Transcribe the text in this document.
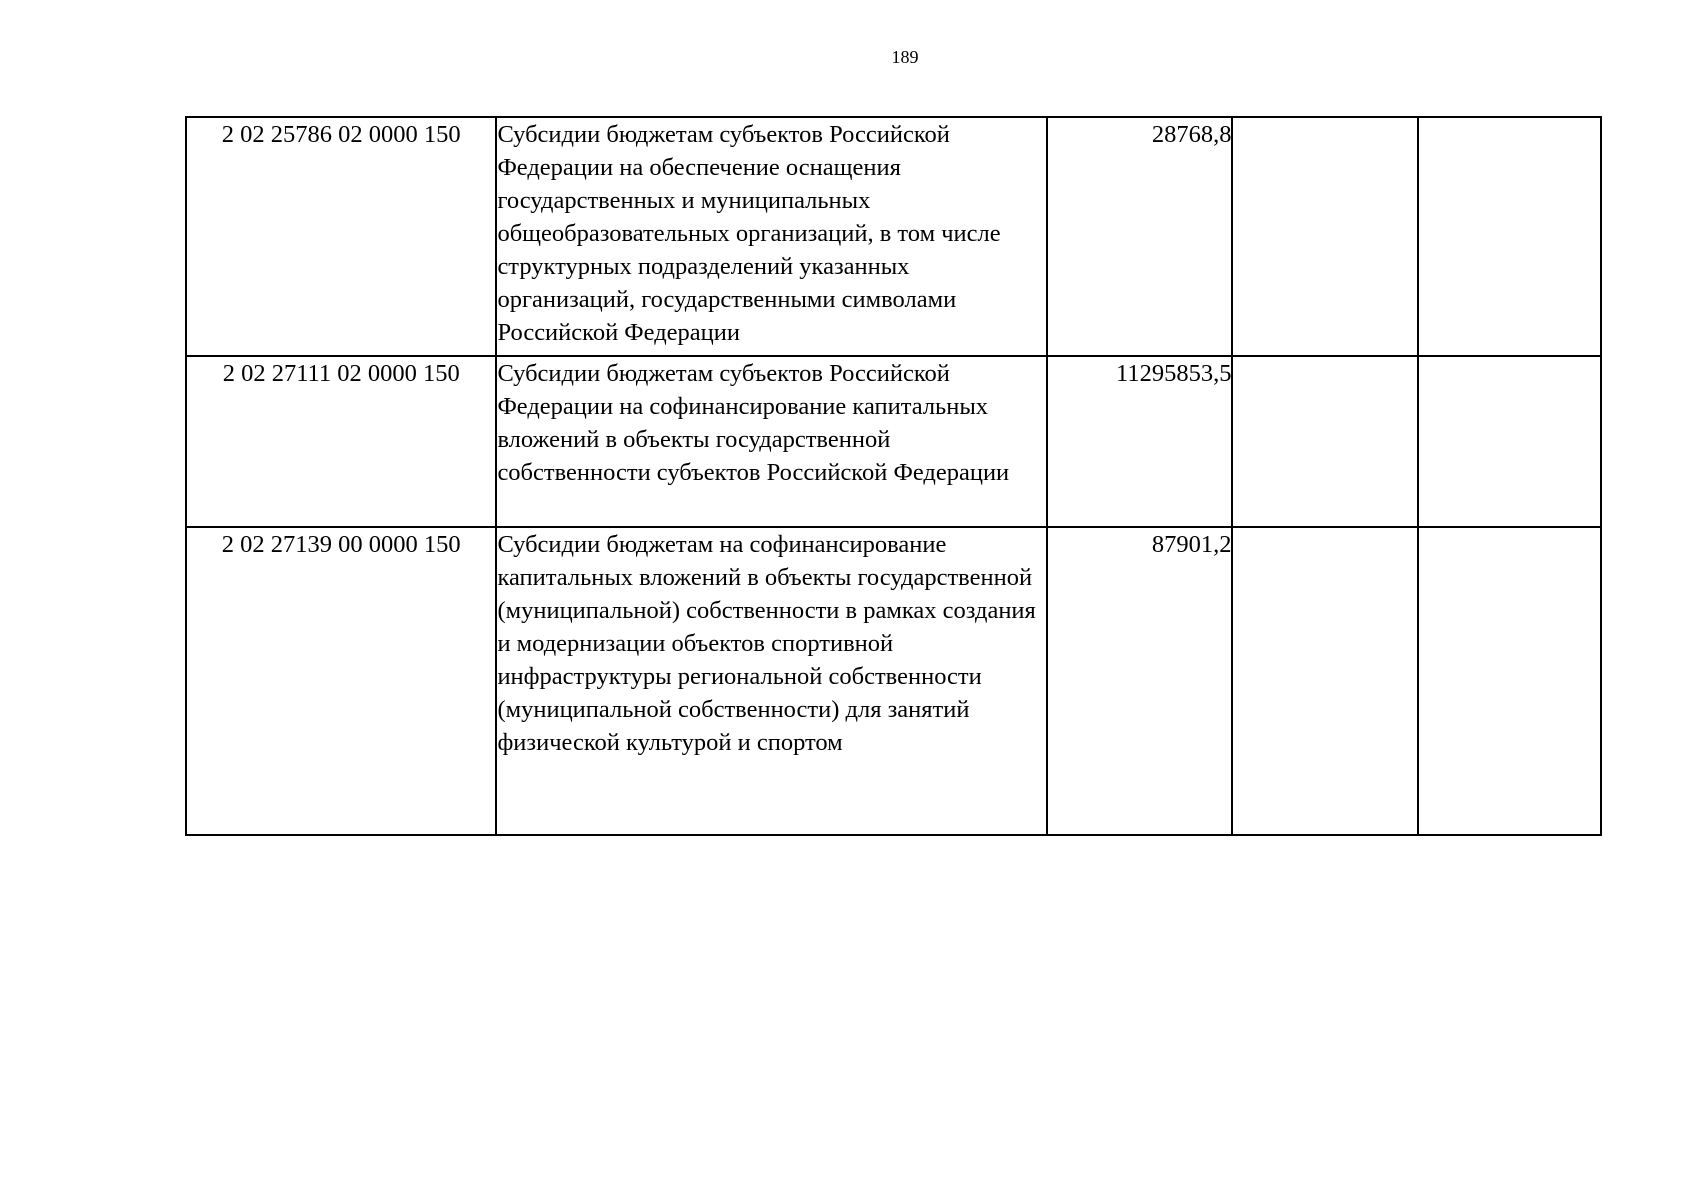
189
2 02 25786 02 0000 150	Субсидии бюджетам субъектов Российской Федерации на обеспечение оснащения государственных и муниципальных общеобразовательных организаций, в том числе структурных подразделений указанных организаций, государственными символами Российской Федерации	28768,8		
2 02 27111 02 0000 150	Субсидии бюджетам субъектов Российской Федерации на софинансирование капитальных вложений в объекты государственной собственности субъектов Российской Федерации	11295853,5		
2 02 27139 00 0000 150	Субсидии бюджетам на софинансирование капитальных вложений в объекты государственной (муниципальной) собственности в рамках создания и модернизации объектов спортивной инфраструктуры региональной собственности (муниципальной собственности) для занятий физической культурой и спортом	87901,2		
